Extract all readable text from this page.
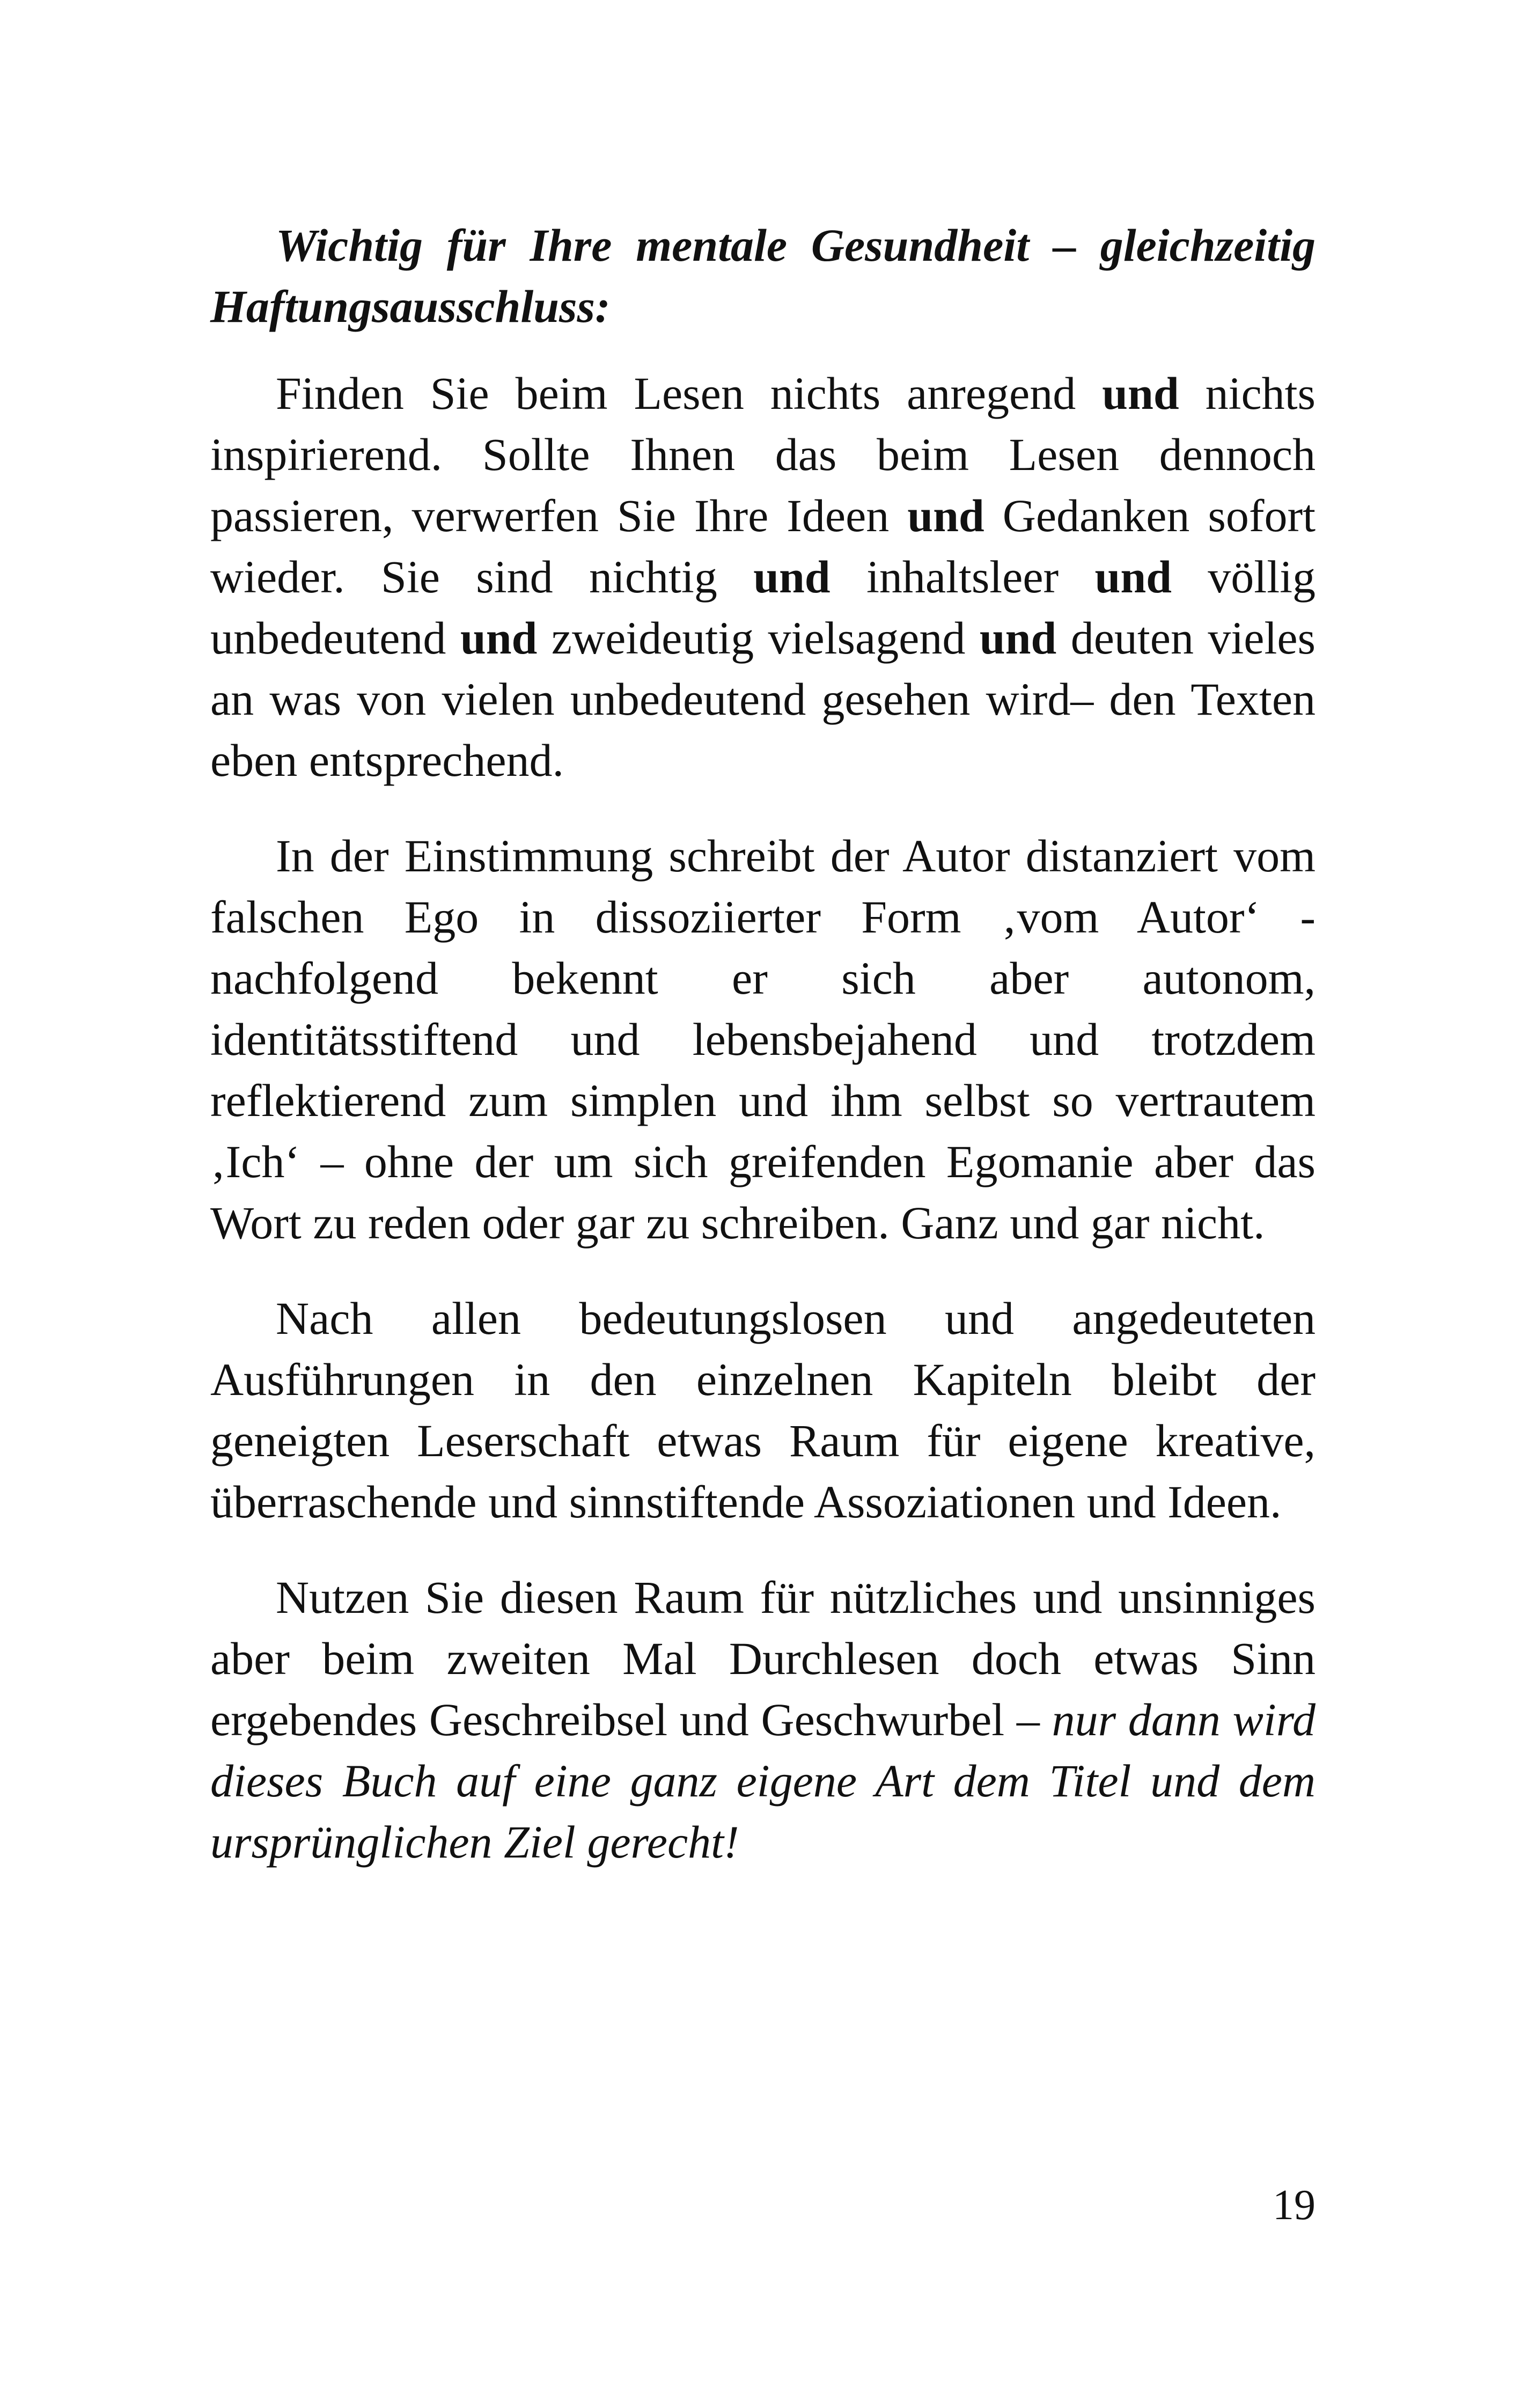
Wichtig für Ihre mentale Gesundheit – gleichzeitig Haftungsausschluss:

Finden Sie beim Lesen nichts anregend und nichts inspirierend. Sollte Ihnen das beim Lesen dennoch passieren, verwerfen Sie Ihre Ideen und Gedanken sofort wieder. Sie sind nichtig und inhaltsleer und völlig unbedeutend und zweideutig vielsagend und deuten vieles an was von vielen unbedeutend gesehen wird– den Texten eben entsprechend.

In der Einstimmung schreibt der Autor distanziert vom falschen Ego in dissoziierter Form ‚vom Autor‘ - nachfolgend bekennt er sich aber autonom, identitätsstiftend und lebensbejahend und trotzdem reflektierend zum simplen und ihm selbst so vertrautem ‚Ich‘ – ohne der um sich greifenden Egomanie aber das Wort zu reden oder gar zu schreiben. Ganz und gar nicht.

Nach allen bedeutungslosen und angedeuteten Ausführungen in den einzelnen Kapiteln bleibt der geneigten Leserschaft etwas Raum für eigene kreative, überraschende und sinnstiftende Assoziationen und Ideen.

Nutzen Sie diesen Raum für nützliches und unsinniges aber beim zweiten Mal Durchlesen doch etwas Sinn ergebendes Geschreibsel und Geschwurbel – nur dann wird dieses Buch auf eine ganz eigene Art dem Titel und dem ursprünglichen Ziel gerecht!

19
